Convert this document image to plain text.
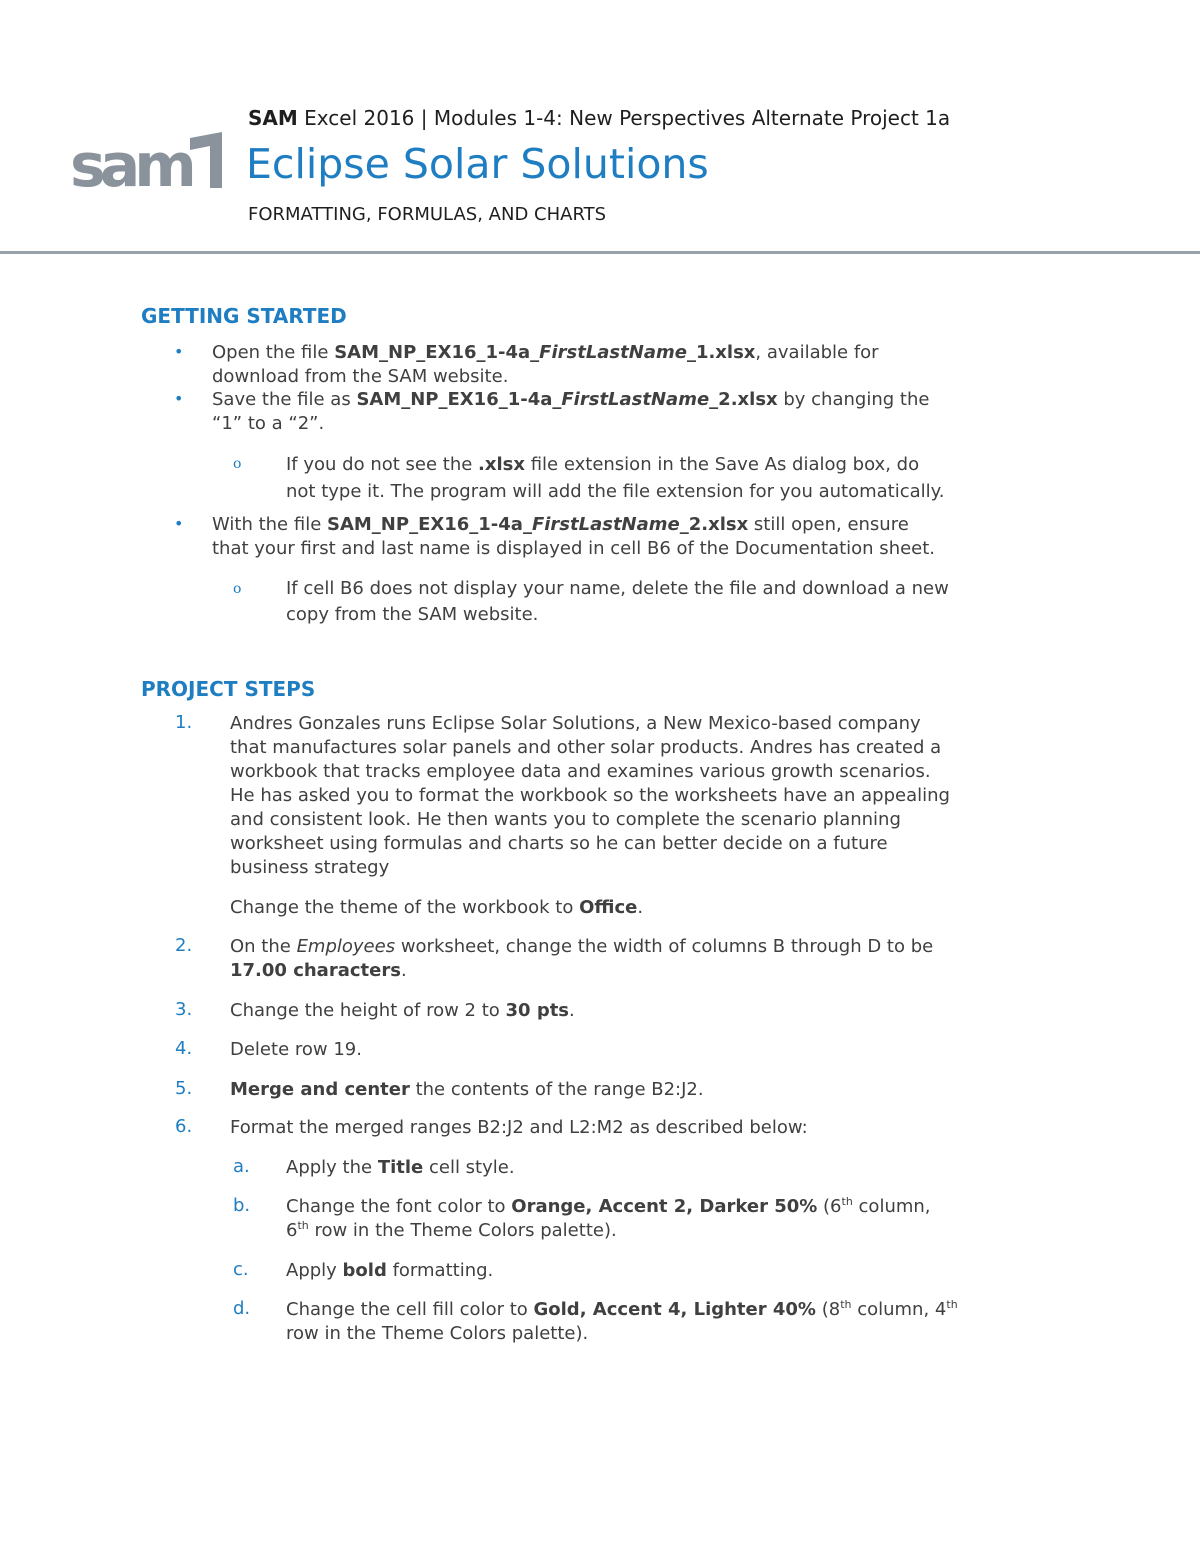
sam
SAM Excel 2016 | Modules 1-4: New Perspectives Alternate Project 1a
Eclipse Solar Solutions
FORMATTING, FORMULAS, AND CHARTS
GETTING STARTED
• Open the file SAM_NP_EX16_1-4a_FirstLastName_1.xlsx, available for
download from the SAM website.
• Save the file as SAM_NP_EX16_1-4a_FirstLastName_2.xlsx by changing the
“1” to a “2”.
o If you do not see the .xlsx file extension in the Save As dialog box, do
not type it. The program will add the file extension for you automatically.
• With the file SAM_NP_EX16_1-4a_FirstLastName_2.xlsx still open, ensure
that your first and last name is displayed in cell B6 of the Documentation sheet.
o If cell B6 does not display your name, delete the file and download a new
copy from the SAM website.
PROJECT STEPS
1. Andres Gonzales runs Eclipse Solar Solutions, a New Mexico-based company
that manufactures solar panels and other solar products. Andres has created a
workbook that tracks employee data and examines various growth scenarios.
He has asked you to format the workbook so the worksheets have an appealing
and consistent look. He then wants you to complete the scenario planning
worksheet using formulas and charts so he can better decide on a future
business strategy
Change the theme of the workbook to Office.
2. On the Employees worksheet, change the width of columns B through D to be
17.00 characters.
3. Change the height of row 2 to 30 pts.
4. Delete row 19.
5. Merge and center the contents of the range B2:J2.
6. Format the merged ranges B2:J2 and L2:M2 as described below:
a. Apply the Title cell style.
b. Change the font color to Orange, Accent 2, Darker 50% (6th column,
6th row in the Theme Colors palette).
c. Apply bold formatting.
d. Change the cell fill color to Gold, Accent 4, Lighter 40% (8th column, 4th
row in the Theme Colors palette).
